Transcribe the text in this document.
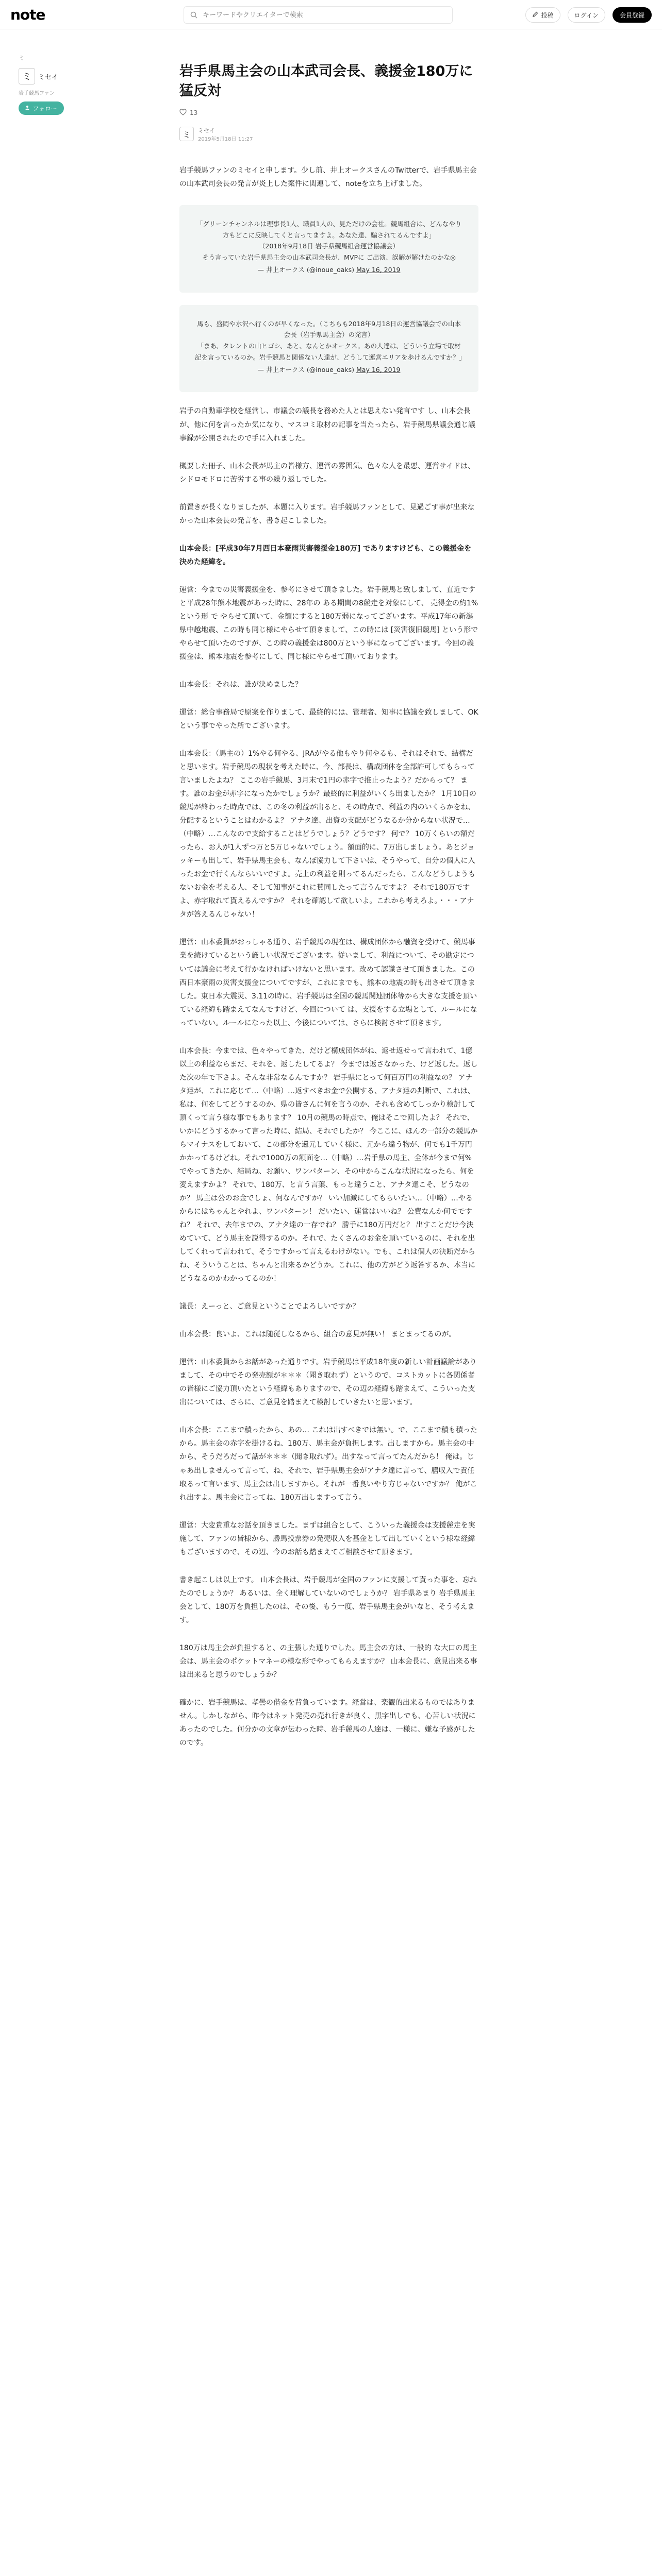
note
キーワードやクリエイターで検索	投稿	ログイン	会員登録
ミ
ミ	ミセイ
岩手競馬ファン
フォロー
岩手県馬主会の山本武司会長、義援金180万に猛反対
13
ミ	ミセイ
2019年5月18日 11:27

岩手競馬ファンのミセイと申します。少し前、井上オークスさんのTwitterで、岩手県馬主会の山本武司会長の発言が炎上した案件に関連して、noteを立ち上げました。

「グリーンチャンネルは理事長1人、職員1人の、見ただけの会社。競馬組合は、どんなやり方もどこに反映してくと言ってますよ。あなた達、騙されてるんですよ」

（2018年9月18日 岩手県競馬組合運営協議会）

そう言っていた岩手県馬主会の山本武司会長が、MVPに ご出演、誤解が解けたのかな◎

— 井上オークス (@inoue_oaks) May 16, 2019

馬も、盛岡や水沢へ行くのが早くなった。（こちらも2018年9月18日の運営協議会での山本会長（岩手県馬主会）の発言）

「まあ、タレントの山ヒゴシ、あと、なんとかオークス。あの人達は、どういう立場で取材記を言っているのか。岩手競馬と関係ない人達が、どうして運営エリアを歩けるんですか？」

— 井上オークス (@inoue_oaks) May 16, 2019

岩手の自動車学校を経営し、市議会の議長を務めた人とは思えない発言です し、山本会長が、他に何を言ったか気になり、マスコミ取材の記事を当たったら、岩手競馬県議会通じ議事録が公開されたので手に入れました。

概要した冊子、山本会長が馬主の皆様方、運営の雰囲気、色々な人を最悪、運営サイドは、シドロモドロに苦労する事の繰り返しでした。

前置きが長くなりましたが、本題に入ります。岩手競馬ファンとして、見過ごす事が出来なかった山本会長の発言を、書き起こしました。

山本会長：[平成30年7月西日本豪雨災害義援金180万] でありますけども、この義援金を決めた経緯を。

運営：今までの災害義援金を、参考にさせて頂きました。岩手競馬と致しまして、直近ですと平成28年熊本地震があった時に、28年の ある期間の8競走を対象にして、 売得金の約1%という形 で やらせて頂いて、金額にすると180万弱になってございます。平成17年の新潟県中越地震、この時も同じ様にやらせて頂きまして、この時には [災害復旧競馬] という形でやらせて頂いたのですが、この時の義援金は800万という事になってございます。今回の義援金は、熊本地震を参考にして、同じ様にやらせて頂いております。

山本会長：それは、誰が決めました？

運営：総合事務局で原案を作りまして、最終的には、管理者、知事に協議を致しまして、OKという事でやった所でございます。

山本会長：（馬主の）1%やる何やる、JRAがやる他もやり何やるも、それはそれで、結構だと思います。岩手競馬の現状を考えた時に、今、部長は、構成団体を全部許可してもらって言いましたよね？ ここの岩手競馬、3月末で1円の赤字で推止ったよう？だからって？ ます。誰のお金が赤字になったかでしょうか？最終的に利益がいくら出ましたか？ 1月10日の競馬が終わった時点では、この冬の利益が出ると、その時点で、利益の内のいくらかをね、分配するということはわかるよ？ アナタ達、出資の支配がどうなるか分からない状況で…（中略）…こんなので支給することはどうでしょう？どうです？ 何で？ 10万くらいの額だったら、お人が1人ずつ万と5万じゃないでしょう。額面的に、7万出しましょう。あとジョッキーも出して、岩手県馬主会も、なんぼ協力して下さいは、そうやって、自分の個人に入ったお金で行くんならいいですよ。売上の利益を則ってるんだったら、こんなどうしようもないお金を考える人、そして知事がこれに賛同したって言うんですよ？ それで180万ですよ、赤字取れて貰えるんですか？ それを確認して欲しいよ。これから考えろよ。・・・アナタが答えるんじゃない！

運営：山本委員がおっしゃる通り、岩手競馬の現在は、構成団体から融資を受けて、競馬事業を続けているという厳しい状況でございます。従いまして、利益について、その勘定については議会に考えて行かなければいけないと思います。改めて認識させて頂きました。この西日本豪雨の災害支援金についてですが、これにまでも、熊本の地震の時も出させて頂きました。東日本大震災、3.11の時に、岩手競馬は全国の競馬関連団体等から大きな支援を頂いている経緯も踏まえてなんですけど、今回について は、支援をする立場として、ルールになっていない。ルールになった以上、今後については、さらに検討させて頂きます。

山本会長：今までは、色々やってきた、だけど構成団体がね、返せ返せって言われて、1億以上の利益ならまだ、それを、返したしてるよ？ 今までは返さなかった、けど返した。返した次の年で下さよ。そんな非常なるんですか？ 岩手県にとって何百万円の利益なの？ アナタ達が、これに応じて…（中略）…返すべきお金で公開する、アナタ達の判断で、これは、私は、何をしてどうするのか、県の皆さんに何を言うのか、それも含めてしっかり検討して頂くって言う様な事でもあります？ 10月の競馬の時点で、俺はそこで回したよ？ それで、いかにどうするかって言った時に、結局、それでしたか？ 今ここに、ほんの一部分の競馬からマイナスをしておいて、この部分を還元していく様に、元から違う物が、何でも1千万円かかってるけどね。それで1000万の額面を…（中略）…岩手県の馬主、全体が今まで何%でやってきたか、結局ね、お願い、ワンパターン、その中からこんな状況になったら、何を変えますかよ？ それで、180万、と言う言葉、もっと違うこと、アナタ達こそ、どうなのか？ 馬主は公のお金でしょ、何なんですか？ いい加減にしてもらいたい…（中略）…やるからにはちゃんとやれよ、ワンパターン！ だいたい、運営はいいね？ 公費なんか何でですね？ それで、去年までの、アナタ達の一存でね？ 勝手に180万円だと？ 出すことだけ今決めていて、どう馬主を説得するのか。それで、たくさんのお金を頂いているのに、それを出してくれって言われて、そうですかって言えるわけがない。でも、これは個人の決断だからね、そういうことは、ちゃんと出来るかどうか。これに、他の方がどう返答するか、本当にどうなるのかわかってるのか！

議長：えーっと、ご意見ということでよろしいですか？

山本会長：良いよ、これは随従しなるから、組合の意見が無い！ まとまってるのが。

運営：山本委員からお話があった通りです。岩手競馬は平成18年度の新しい計画議論がありまして、その中でその発売額が＊＊＊（聞き取れず）というので、コストカットに各関係者の皆様にご協力頂いたという経緯もありますので、その辺の経緯も踏まえて、こういった支出については、さらに、ご意見を踏まえて検討していきたいと思います。

山本会長：ここまで積ったから、あの… これは出すべきでは無い。で、ここまで積も積ったから。馬主会の赤字を掛けるね、180万、馬主会が負担します。出しますから。馬主会の中から、そうだろだって話が＊＊＊（聞き取れず）。出すなって言ってたんだから！ 俺は。じゃあ出しませんって言って、ね、それで、岩手県馬主会がアナタ達に言って、膳収入で責任取るって言います、馬主会は出しますから。それが一番良いやり方じゃないですか？ 俺がこれ出すよ。馬主会に言ってね、180万出しますって言う。

運営：大変貴重なお話を頂きました。まずは組合として、こういった義援金は支援競走を実施して、ファンの皆様から、勝馬投票券の発売収入を基金として出していくという様な経緯もございますので、その辺、今のお話も踏まえてご相談させて頂きます。

書き起こしは以上です。 山本会長は、岩手競馬が全国のファンに支援して貰った事を、忘れたのでしょうか？ あるいは、全く理解していないのでしょうか？ 岩手県あまり 岩手県馬主会として、180万を負担したのは、その後、もう一度、岩手県馬主会がいなと、そう考えます。

180万は馬主会が負担すると、の主張した通りでした。馬主会の方は、一般的 な大口の馬主会は、馬主会のポケットマネーの様な形でやってもらえますか？ 山本会長に、意見出来る事は出来ると思うのでしょうか？

確かに、岩手競馬は、孝曇の借金を背負っています。経営は、楽観的出来るものではありません。しかしながら、昨今はネット発売の売れ行きが良く、黒字出しでも、心苦しい状況にあったのでした。何分かの文章が伝わった時、岩手競馬の人達は、一様に、嫌な予感がしたのです。
